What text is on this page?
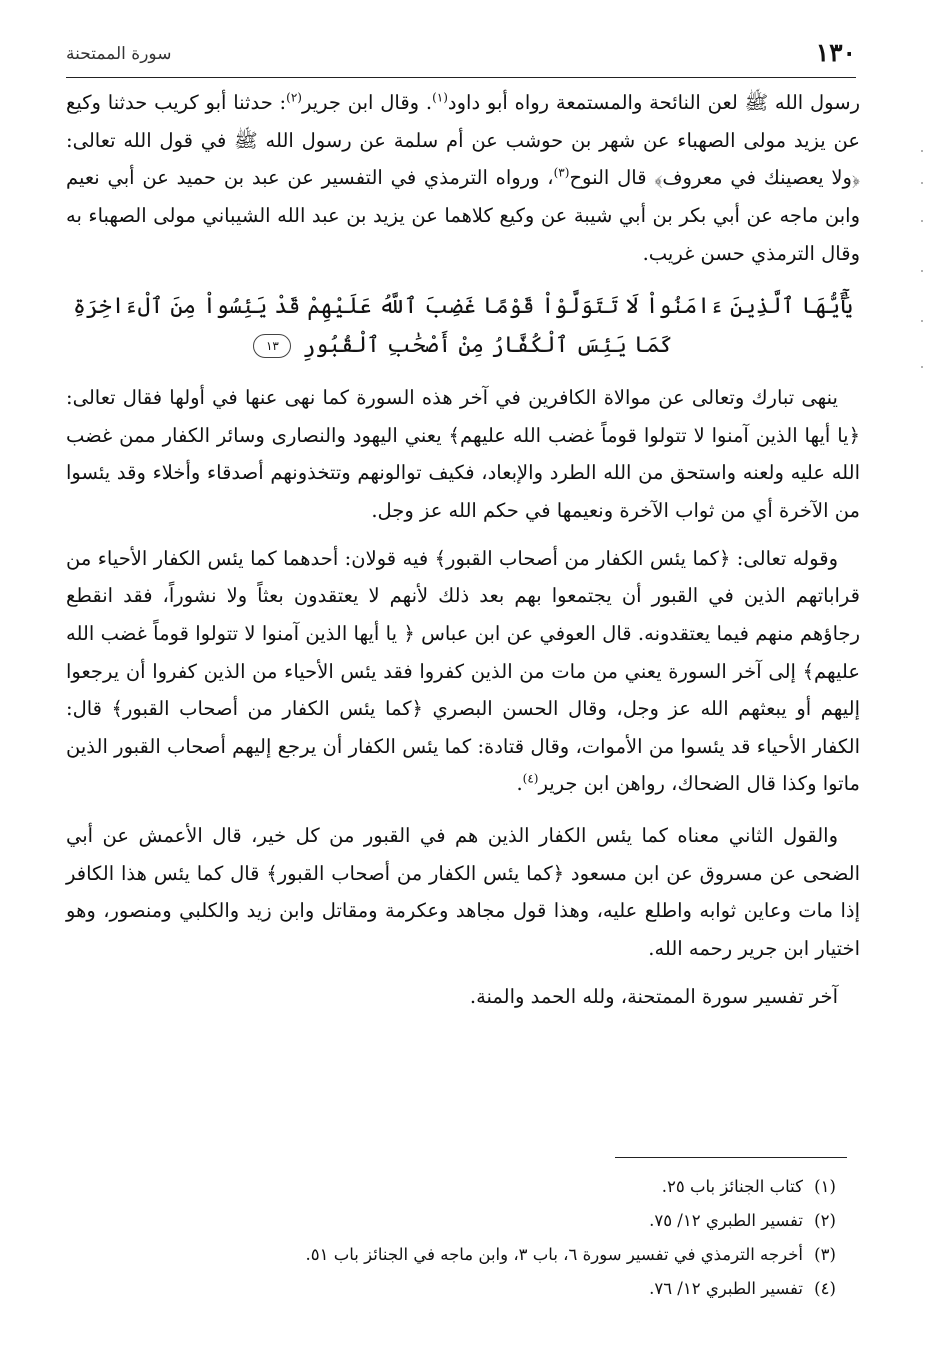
١٣٠
سورة الممتحنة

رسول الله ﷺ لعن النائحة والمستمعة رواه أبو داود$^{(١)}$. وقال ابن جرير$^{(٢)}$: حدثنا أبو كريب حدثنا وكيع عن يزيد مولى الصهباء عن شهر بن حوشب عن أم سلمة عن رسول الله ﷺ في قول الله تعالى: ﴿ولا يعصينك في معروف﴾ قال النوح$^{(٣)}$، ورواه الترمذي في التفسير عن عبد بن حميد عن أبي نعيم وابن ماجه عن أبي بكر بن أبي شيبة عن وكيع كلاهما عن يزيد بن عبد الله الشيباني مولى الصهباء به وقال الترمذي حسن غريب.

يَٰٓأَيُّهَا ٱلَّذِينَ ءَامَنُواْ لَا تَتَوَلَّوْاْ قَوْمًا غَضِبَ ٱللَّهُ عَلَيْهِمْ قَدْ يَئِسُواْ مِنَ ٱلْءَاخِرَةِ كَمَا يَئِسَ ٱلْكُفَّارُ مِنْ أَصْحَٰبِ ٱلْقُبُورِ ١٣

ينهى تبارك وتعالى عن موالاة الكافرين في آخر هذه السورة كما نهى عنها في أولها فقال تعالى: ﴿يا أيها الذين آمنوا لا تتولوا قوماً غضب الله عليهم﴾ يعني اليهود والنصارى وسائر الكفار ممن غضب الله عليه ولعنه واستحق من الله الطرد والإبعاد، فكيف توالونهم وتتخذونهم أصدقاء وأخلاء وقد يئسوا من الآخرة أي من ثواب الآخرة ونعيمها في حكم الله عز وجل.

وقوله تعالى: ﴿كما يئس الكفار من أصحاب القبور﴾ فيه قولان: أحدهما كما يئس الكفار الأحياء من قراباتهم الذين في القبور أن يجتمعوا بهم بعد ذلك لأنهم لا يعتقدون بعثاً ولا نشوراً، فقد انقطع رجاؤهم منهم فيما يعتقدونه. قال العوفي عن ابن عباس ﴿ يا أيها الذين آمنوا لا تتولوا قوماً غضب الله عليهم﴾ إلى آخر السورة يعني من مات من الذين كفروا فقد يئس الأحياء من الذين كفروا أن يرجعوا إليهم أو يبعثهم الله عز وجل، وقال الحسن البصري ﴿كما يئس الكفار من أصحاب القبور﴾ قال: الكفار الأحياء قد يئسوا من الأموات، وقال قتادة: كما يئس الكفار أن يرجع إليهم أصحاب القبور الذين ماتوا وكذا قال الضحاك، رواهن ابن جرير$^{(٤)}$.

والقول الثاني معناه كما يئس الكفار الذين هم في القبور من كل خير، قال الأعمش عن أبي الضحى عن مسروق عن ابن مسعود ﴿كما يئس الكفار من أصحاب القبور﴾ قال كما يئس هذا الكافر إذا مات وعاين ثوابه واطلع عليه، وهذا قول مجاهد وعكرمة ومقاتل وابن زيد والكلبي ومنصور، وهو اختيار ابن جرير رحمه الله.

آخر تفسير سورة الممتحنة، ولله الحمد والمنة.

(١)
كتاب الجنائز باب ٢٥.
(٢)
تفسير الطبري ١٢/ ٧٥.
(٣)
أخرجه الترمذي في تفسير سورة ٦، باب ٣، وابن ماجه في الجنائز باب ٥١.
(٤)
تفسير الطبري ١٢/ ٧٦.
